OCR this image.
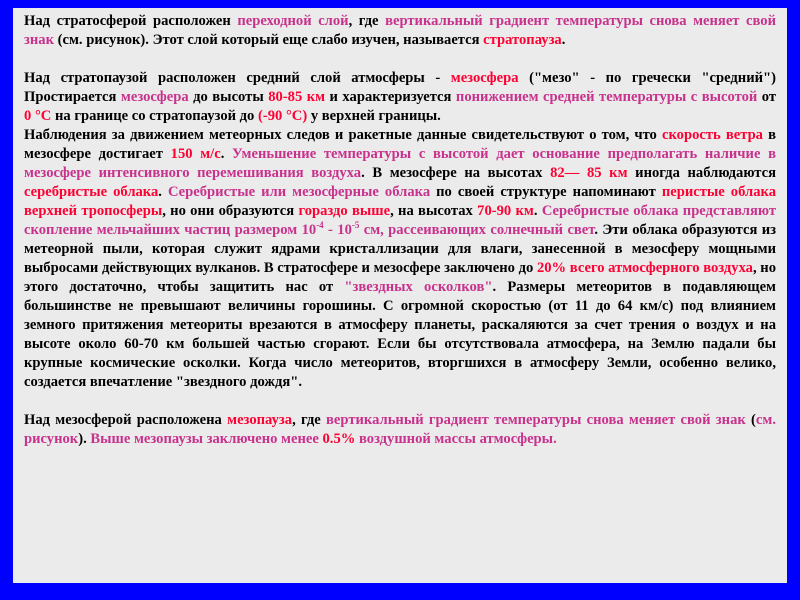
Над стратосферой расположен переходной слой, где вертикальный градиент температуры снова меняет свой знак (см. рисунок). Этот слой который еще слабо изучен, называется стратопауза.

Над стратопаузой расположен средний слой атмосферы - мезосфера ("мезо" - по гречески "средний") Простирается мезосфера до высоты 80-85 км и характеризуется понижением средней температуры с высотой от 0 °С на границе со стратопаузой до (-90 °С) у верхней границы.

Наблюдения за движением метеорных следов и ракетные данные свидетельствуют о том, что скорость ветра в мезосфере достигает 150 м/с. Уменьшение температуры с высотой дает основание предполагать наличие в мезосфере интенсивного перемешивания воздуха. В мезосфере на высотах 82— 85 км иногда наблюдаются серебристые облака. Серебристые или мезосферные облака по своей структуре напоминают перистые облака верхней тропосферы, но они образуются гораздо выше, на высотах 70-90 км. Серебристые облака представляют скопление мельчайших частиц размером $10^{-4} - 10^{-5}$ см, рассеивающих солнечный свет. Эти облака образуются из метеорной пыли, которая служит ядрами кристаллизации для влаги, занесенной в мезосферу мощными выбросами действующих вулканов. В стратосфере и мезосфере заключено до 20% всего атмосферного воздуха, но этого достаточно, чтобы защитить нас от "звездных осколков". Размеры метеоритов в подавляющем большинстве не превышают величины горошины. С огромной скоростью (от 11 до 64 км/с) под влиянием земного притяжения метеориты врезаются в атмосферу планеты, раскаляются за счет трения о воздух и на высоте около 60-70 км большей частью сгорают. Если бы отсутствовала атмосфера, на Землю падали бы крупные космические осколки. Когда число метеоритов, вторгшихся в атмосферу Земли, особенно велико, создается впечатление "звездного дождя".

Над мезосферой расположена мезопауза, где вертикальный градиент температуры снова меняет свой знак (см. рисунок). Выше мезопаузы заключено менее 0.5% воздушной массы атмосферы.
